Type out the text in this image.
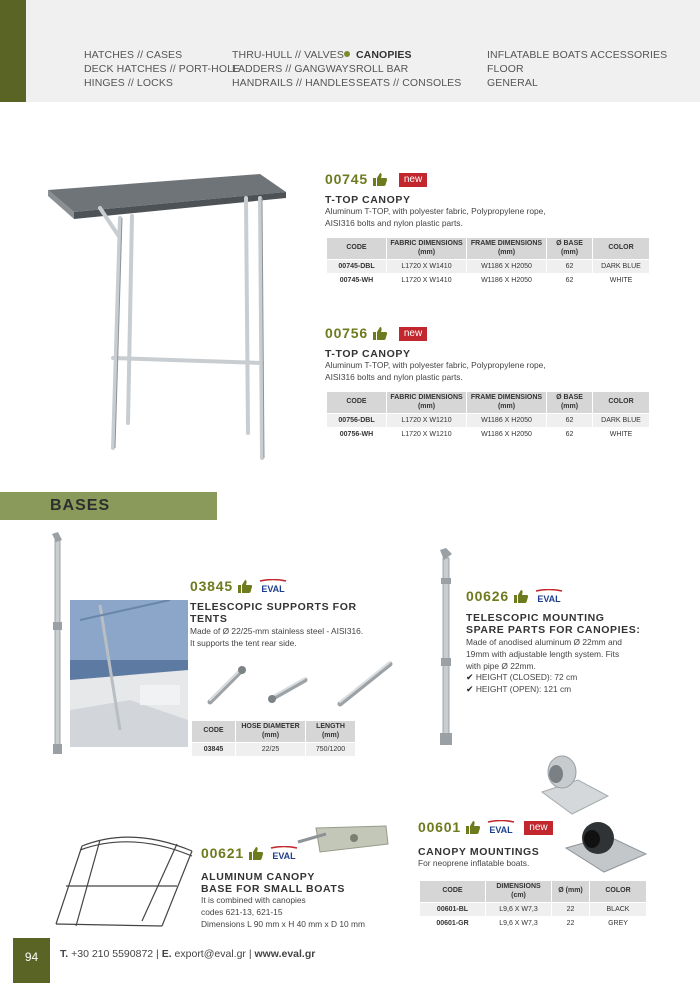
HATCHES // CASES
DECK HATCHES // PORT-HOLE
HINGES // LOCKS
THRU-HULL // VALVES
LADDERS // GANGWAYS
HANDRAILS // HANDLES
CANOPIES
ROLL BAR
SEATS // CONSOLES
INFLATABLE BOATS ACCESSORIES
FLOOR
GENERAL
00745	new
T-TOP CANOPY
Aluminum T-TOP, with polyester fabric, Polypropylene rope,
AISI316 bolts and nylon plastic parts.
CODE	FABRIC DIMENSIONS (mm)	FRAME DIMENSIONS (mm)	Ø BASE (mm)	COLOR
00745-DBL	L1720 X W1410	W1186 X H2050	62	DARK BLUE
00745-WH	L1720 X W1410	W1186 X H2050	62	WHITE
00756	new
T-TOP CANOPY
Aluminum T-TOP, with polyester fabric, Polypropylene rope,
AISI316 bolts and nylon plastic parts.
CODE	FABRIC DIMENSIONS (mm)	FRAME DIMENSIONS (mm)	Ø BASE (mm)	COLOR
00756-DBL	L1720 X W1210	W1186 X H2050	62	DARK BLUE
00756-WH	L1720 X W1210	W1186 X H2050	62	WHITE
BASES
03845	EVAL
TELESCOPIC SUPPORTS FOR
TENTS
Made of Ø 22/25-mm stainless steel - AISI316.
It supports the tent rear side.
CODE	HOSE DIAMETER (mm)	LENGTH (mm)
03845	22/25	750/1200
00626	EVAL
TELESCOPIC MOUNTING
SPARE PARTS FOR CANOPIES:
Made of anodised aluminum Ø 22mm and
19mm with adjustable length system. Fits
with pipe Ø 22mm.
✔ HEIGHT (CLOSED): 72 cm
✔ HEIGHT (OPEN): 121 cm
00601	EVAL new
CANOPY MOUNTINGS
For neoprene inflatable boats.
CODE	DIMENSIONS (cm)	Ø (mm)	COLOR
00601-BL	L9,6 X W7,3	22	BLACK
00601-GR	L9,6 X W7,3	22	GREY
00621	EVAL
ALUMINUM CANOPY
BASE FOR SMALL BOATS
It is combined with canopies
codes 621-13, 621-15
Dimensions L 90 mm x H 40 mm x D 10 mm
94	T. +30 210 5590872 | E. export@eval.gr | www.eval.gr
